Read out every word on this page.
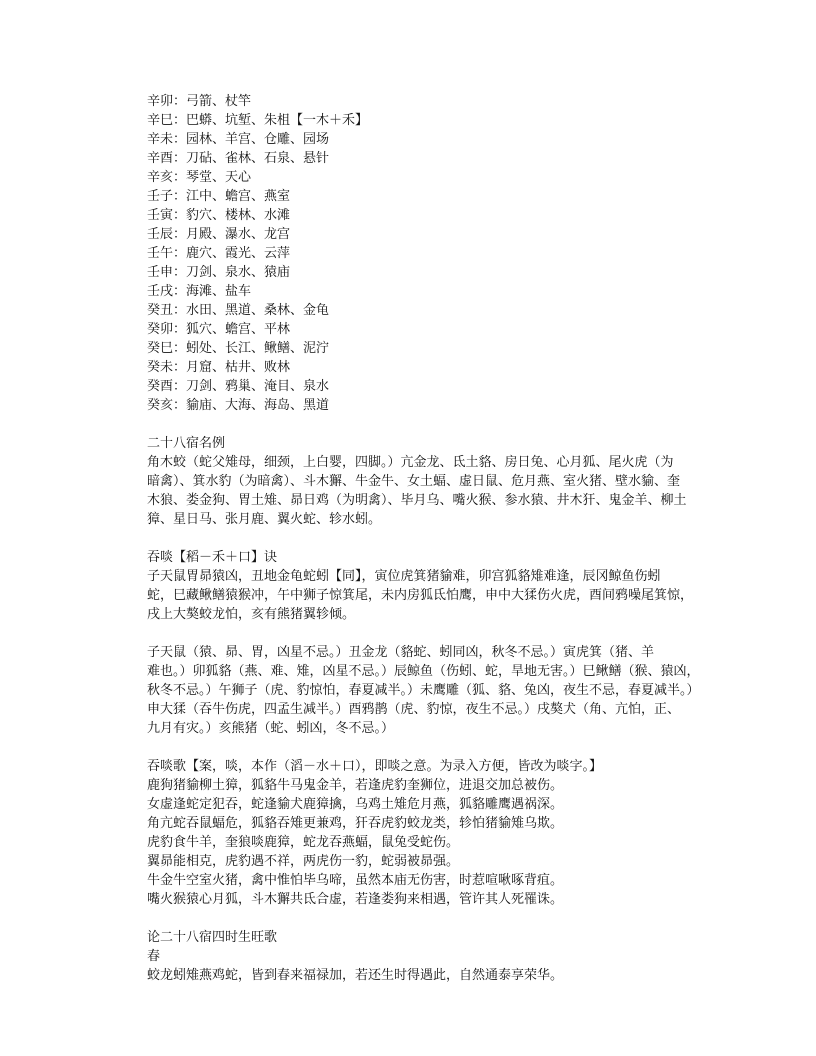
辛卯：弓箭、杖竿

辛巳：巴蟒、坑堑、朱柤【一木＋禾】

辛未：园林、羊宫、仓雕、园场

辛酉：刀砧、雀林、石泉、悬针

辛亥：琴堂、天心

壬子：江中、蟾宫、燕室

壬寅：豹穴、楼林、水滩

壬辰：月殿、瀑水、龙宫

壬午：鹿穴、霞光、云萍

壬申：刀剑、泉水、猿庙

壬戌：海滩、盐车

癸丑：水田、黑道、桑林、金龟

癸卯：狐穴、蟾宫、平林

癸巳：蚓处、长江、鳅鳝、泥泞

癸未：月窟、枯井、败林

癸酉：刀剑、鸦巢、淹目、泉水

癸亥：貐庙、大海、海岛、黑道

二十八宿名例

角木蛟（蛇父雉母，细颈，上白婴，四脚。）亢金龙、氐土貉、房日兔、心月狐、尾火虎（为

暗禽）、箕水豹（为暗禽）、斗木獬、牛金牛、女土蝠、虚日鼠、危月燕、室火猪、壁水貐、奎

木狼、娄金狗、胃土雉、昴日鸡（为明禽）、毕月乌、嘴火猴、参水猿、井木犴、鬼金羊、柳土

獐、星日马、张月鹿、翼火蛇、轸水蚓。

吞啖【稻－禾＋口】诀

子天鼠胃昴猿凶，丑地金龟蛇蚓【同】，寅位虎箕猪貐难，卯宫狐貉雉难逢，辰冈鲸鱼伤蚓

蛇，巳藏鳅鳝猿猴冲，午中狮子惊箕尾，未内房狐氐怕鹰，申中大猱伤火虎，酉间鸦噪尾箕惊，

戌上大獒蛟龙怕，亥有熊猪翼轸倾。

子天鼠（猿、昴、胃，凶星不忌。）丑金龙（貉蛇、蚓同凶，秋冬不忌。）寅虎箕（猪、羊

难也。）卯狐貉（燕、难、雉，凶星不忌。）辰鲸鱼（伤蚓、蛇，旱地无害。）巳鳅鳝（猴、猿凶，

秋冬不忌。）午狮子（虎、豹惊怕，春夏减半。）未鹰雕（狐、貉、兔凶，夜生不忌，春夏减半。）

申大猱（吞牛伤虎，四孟生减半。）酉鸦鹊（虎、豹惊，夜生不忌。）戌獒犬（角、亢怕，正、

九月有灾。）亥熊猪（蛇、蚓凶，冬不忌。）

吞啖歌【案，啖，本作（滔－水＋口），即啖之意。为录入方便，皆改为啖字。】

鹿狗猪貐柳土獐，狐貉牛马鬼金羊，若逢虎豹奎狮位，进退交加总被伤。

女虚逢蛇定犯吞，蛇逢貐犬鹿獐擒，乌鸡土雉危月燕，狐貉雕鹰遇祸深。

角亢蛇吞鼠蝠危，狐貉吞雉更兼鸡，犴吞虎豹蛟龙类，轸怕猪貐雉乌欺。

虎豹食牛羊，奎狼啖鹿獐，蛇龙吞燕蝠，鼠兔受蛇伤。

翼昴能相克，虎豹遇不祥，两虎伤一豹，蛇弱被昴强。

牛金牛空室火猪，禽中惟怕毕乌啼，虽然本庙无伤害，时惹喧啾啄背疽。

嘴火猴猿心月狐，斗木獬共氐合虚，若逢娄狗来相遇，管许其人死罹诛。

论二十八宿四时生旺歌

春

蛟龙蚓雉燕鸡蛇，皆到春来福禄加，若还生时得遇此，自然通泰享荣华。
